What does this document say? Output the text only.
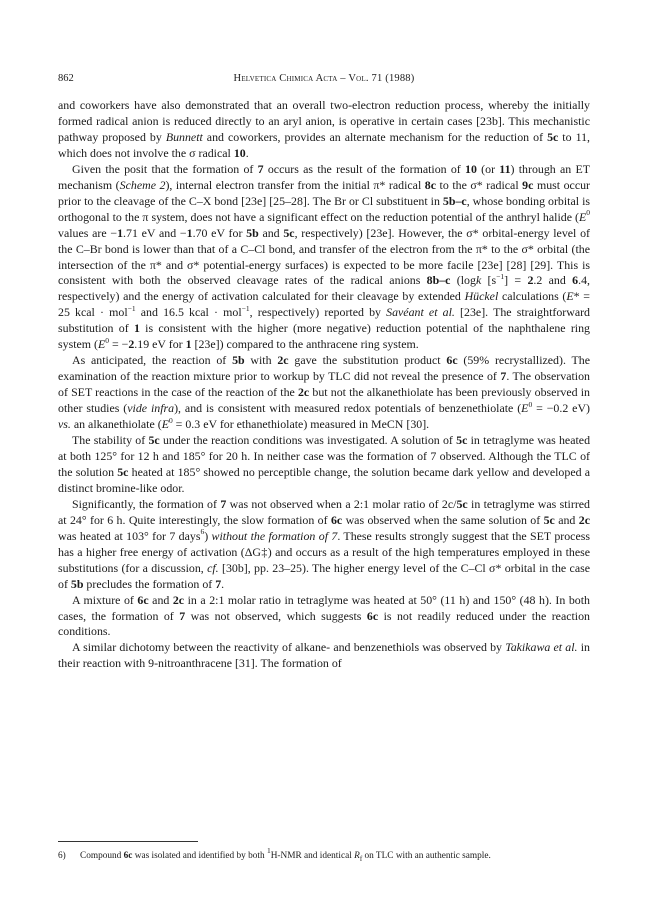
862	Helvetica Chimica Acta – Vol. 71 (1988)

and coworkers have also demonstrated that an overall two-electron reduction process, whereby the initially formed radical anion is reduced directly to an aryl anion, is operative in certain cases [23b]. This mechanistic pathway proposed by Bunnett and coworkers, provides an alternate mechanism for the reduction of 5c to 11, which does not involve the σ radical 10.

Given the posit that the formation of 7 occurs as the result of the formation of 10 (or 11) through an ET mechanism (Scheme 2), internal electron transfer from the initial π* radical 8c to the σ* radical 9c must occur prior to the cleavage of the C–X bond [23e] [25–28]. The Br or Cl substituent in 5b–c, whose bonding orbital is orthogonal to the π system, does not have a significant effect on the reduction potential of the anthryl halide ($E^0$ values are −1.71 eV and −1.70 eV for 5b and 5c, respectively) [23e]. However, the σ* orbital-energy level of the C–Br bond is lower than that of a C–Cl bond, and transfer of the electron from the π* to the σ* orbital (the intersection of the π* and σ* potential-energy surfaces) is expected to be more facile [23e] [28] [29]. This is consistent with both the observed cleavage rates of the radical anions 8b–c (logk $[s^{-1}] = 2.2$ and 6.4, respectively) and the energy of activation calculated for their cleavage by extended Hückel calculations (E* = 25 kcal · mol$^{-1}$ and 16.5 kcal · mol$^{-1}$, respectively) reported by Savéant et al. [23e]. The straightforward substitution of 1 is consistent with the higher (more negative) reduction potential of the naphthalene ring system ($E^0 = -2.19$ eV for 1 [23e]) compared to the anthracene ring system.

As anticipated, the reaction of 5b with 2c gave the substitution product 6c (59% recrystallized). The examination of the reaction mixture prior to workup by TLC did not reveal the presence of 7. The observation of SET reactions in the case of the reaction of the 2c but not the alkanethiolate has been previously observed in other studies (vide infra), and is consistent with measured redox potentials of benzenethiolate ($E^0 = -0.2$ eV) vs. an alkanethiolate ($E^0 = 0.3$ eV for ethanethiolate) measured in MeCN [30].

The stability of 5c under the reaction conditions was investigated. A solution of 5c in tetraglyme was heated at both 125° for 12 h and 185° for 20 h. In neither case was the formation of 7 observed. Although the TLC of the solution 5c heated at 185° showed no perceptible change, the solution became dark yellow and developed a distinct bromine-like odor.

Significantly, the formation of 7 was not observed when a 2:1 molar ratio of 2c/5c in tetraglyme was stirred at 24° for 6 h. Quite interestingly, the slow formation of 6c was observed when the same solution of 5c and 2c was heated at 103° for 7 days$^6$) without the formation of 7. These results strongly suggest that the SET process has a higher free energy of activation (ΔG‡) and occurs as a result of the high temperatures employed in these substitutions (for a discussion, cf. [30b], pp. 23–25). The higher energy level of the C–Cl σ* orbital in the case of 5b precludes the formation of 7.

A mixture of 6c and 2c in a 2:1 molar ratio in tetraglyme was heated at 50° (11 h) and 150° (48 h). In both cases, the formation of 7 was not observed, which suggests 6c is not readily reduced under the reaction conditions.

A similar dichotomy between the reactivity of alkane- and benzenethiols was observed by Takikawa et al. in their reaction with 9-nitroanthracene [31]. The formation of

6) Compound 6c was isolated and identified by both $^1$H-NMR and identical $R_f$ on TLC with an authentic sample.
